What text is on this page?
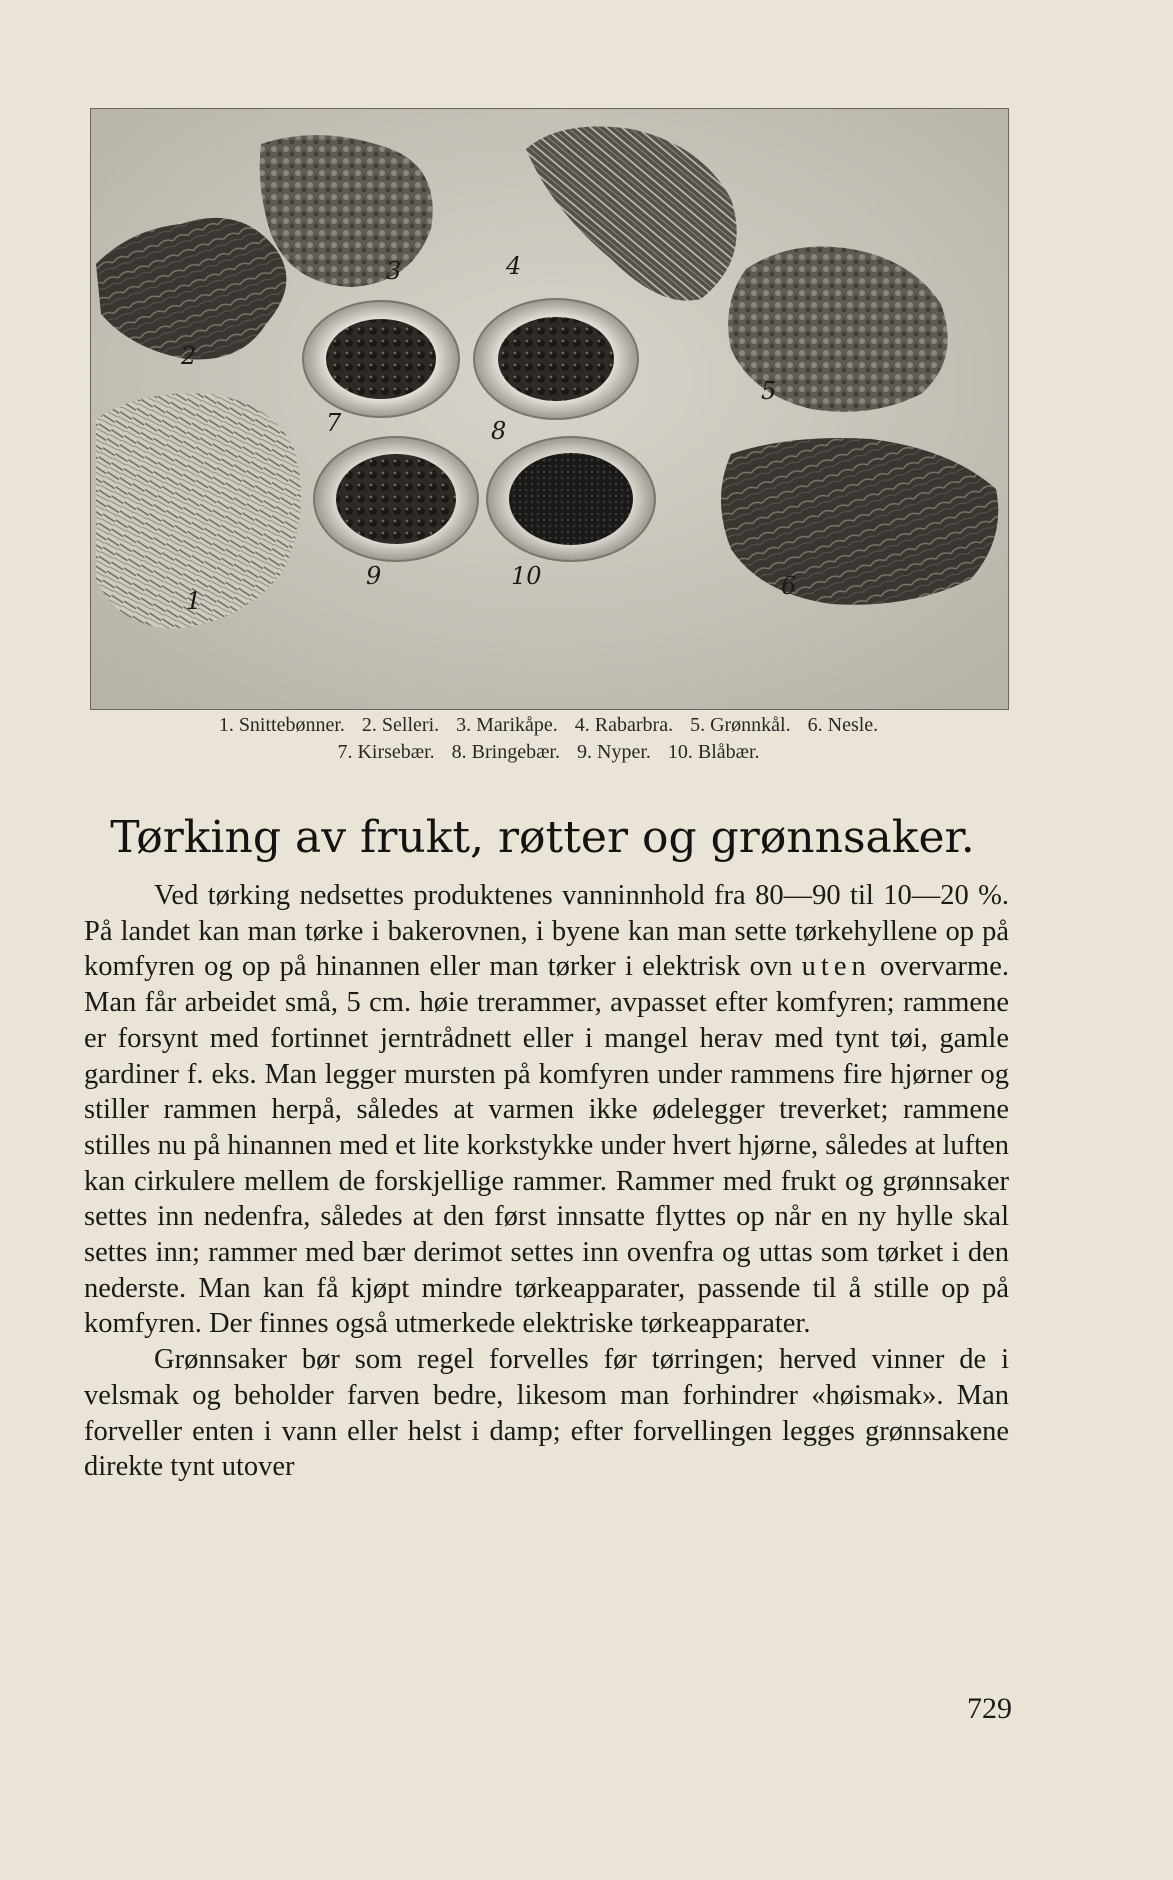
1
2
3	4
5
6
7	8
9	10
1. Snittebønner. 2. Selleri. 3. Marikåpe. 4. Rabarbra. 5. Grønnkål. 6. Nesle.
7. Kirsebær. 8. Bringebær. 9. Nyper. 10. Blåbær.
Tørking av frukt, røtter og grønnsaker.

Ved tørking nedsettes produktenes vanninnhold fra 80—90 til 10—20 %. På landet kan man tørke i bakerovnen, i byene kan man sette tørkehyllene op på komfyren og op på hinannen eller man tørker i elektrisk ovn uten overvarme. Man får arbeidet små, 5 cm. høie trerammer, avpasset efter komfyren; rammene er forsynt med fortinnet jerntrådnett eller i mangel herav med tynt tøi, gamle gardiner f. eks. Man legger mursten på komfyren under rammens fire hjørner og stiller rammen herpå, således at varmen ikke ødelegger treverket; rammene stilles nu på hinannen med et lite korkstykke under hvert hjørne, således at luften kan cirkulere mellem de forskjellige rammer. Rammer med frukt og grønnsaker settes inn nedenfra, således at den først innsatte flyttes op når en ny hylle skal settes inn; rammer med bær derimot settes inn ovenfra og uttas som tørket i den nederste. Man kan få kjøpt mindre tørkeapparater, passende til å stille op på komfyren. Der finnes også utmerkede elektriske tørkeapparater.

Grønnsaker bør som regel forvelles før tørringen; herved vinner de i velsmak og beholder farven bedre, likesom man forhindrer «høismak». Man forveller enten i vann eller helst i damp; efter forvellingen legges grønnsakene direkte tynt utover

729
